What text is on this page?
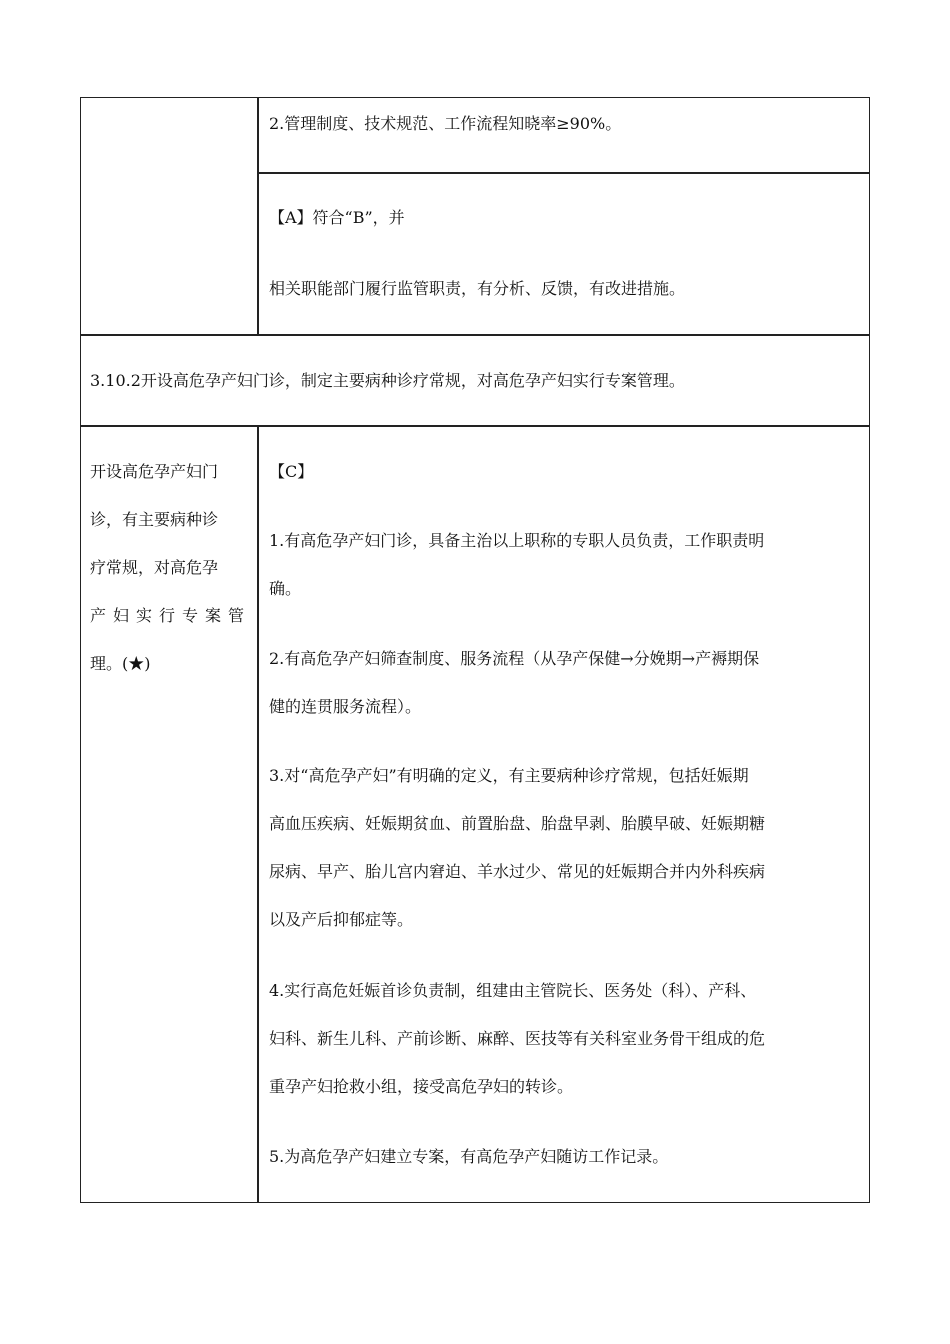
2.管理制度、技术规范、工作流程知晓率≥90%。
【A】符合“B”，并
相关职能部门履行监管职责，有分析、反馈，有改进措施。
3.10.2开设高危孕产妇门诊，制定主要病种诊疗常规，对高危孕产妇实行专案管理。
开设高危孕产妇门
诊，有主要病种诊
疗常规，对高危孕
产妇实行专案管
理。(★)
【C】
1.有高危孕产妇门诊，具备主治以上职称的专职人员负责，工作职责明
确。
2.有高危孕产妇筛查制度、服务流程（从孕产保健→分娩期→产褥期保
健的连贯服务流程）。
3.对“高危孕产妇”有明确的定义，有主要病种诊疗常规，包括妊娠期
高血压疾病、妊娠期贫血、前置胎盘、胎盘早剥、胎膜早破、妊娠期糖
尿病、早产、胎儿宫内窘迫、羊水过少、常见的妊娠期合并内外科疾病
以及产后抑郁症等。
4.实行高危妊娠首诊负责制，组建由主管院长、医务处（科）、产科、
妇科、新生儿科、产前诊断、麻醉、医技等有关科室业务骨干组成的危
重孕产妇抢救小组，接受高危孕妇的转诊。
5.为高危孕产妇建立专案，有高危孕产妇随访工作记录。
